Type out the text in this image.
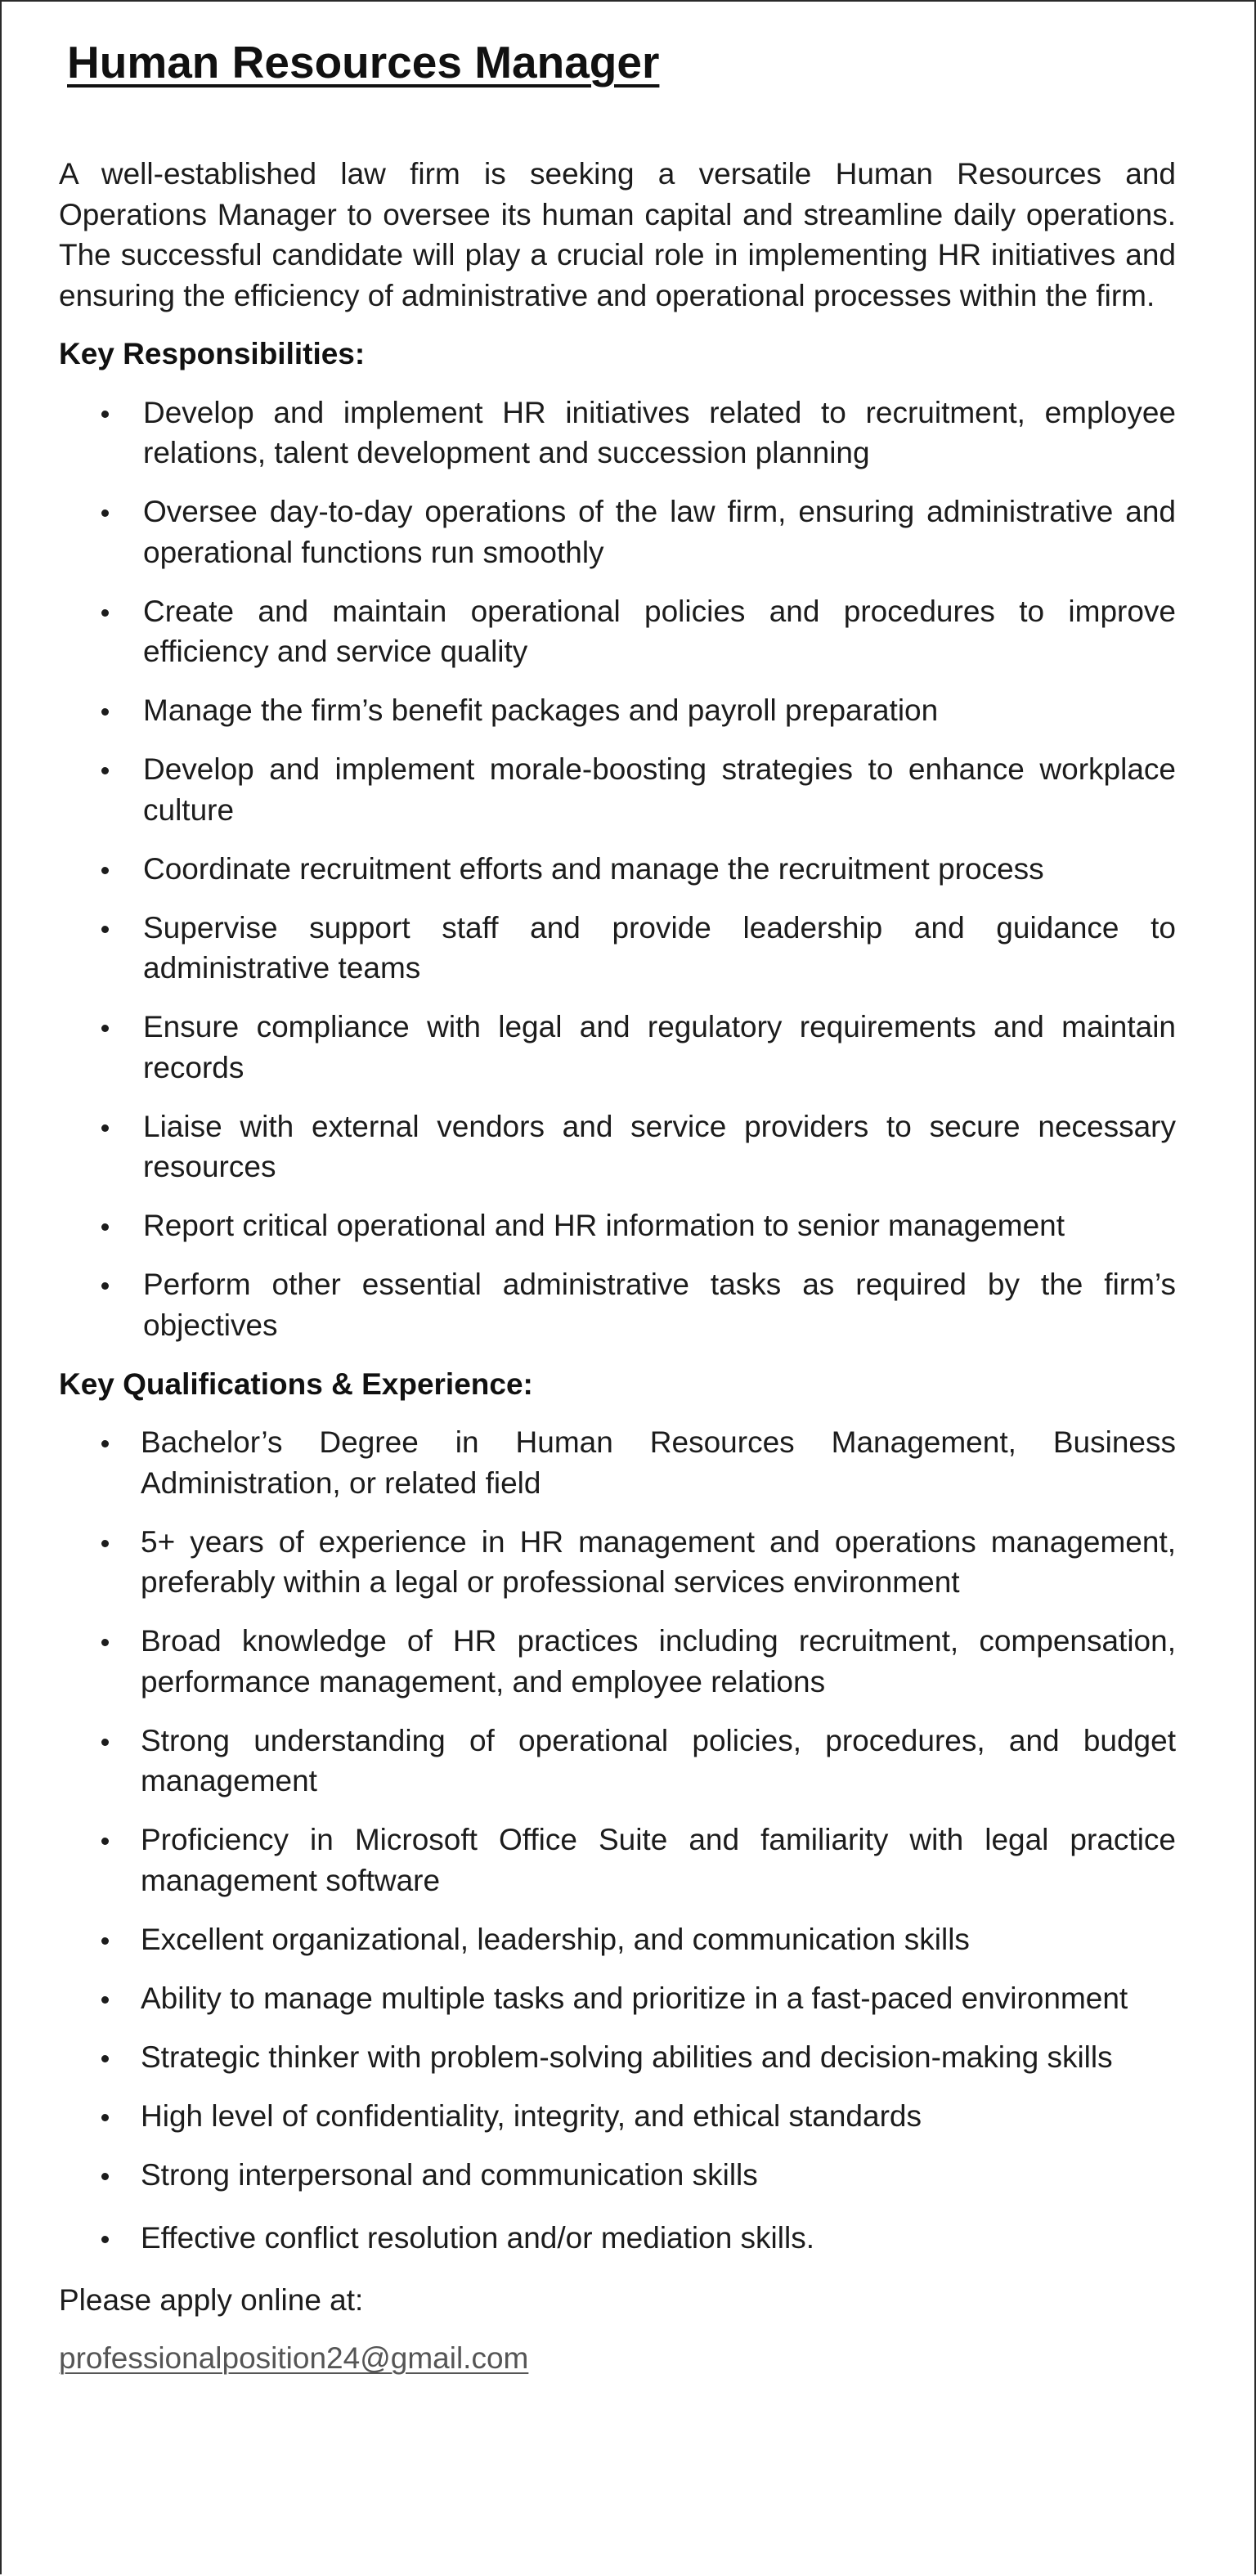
Human Resources Manager

A well-established law firm is seeking a versatile Human Resources and Operations Manager to oversee its human capital and streamline daily operations. The successful candidate will play a crucial role in implementing HR initiatives and ensuring the efficiency of administrative and operational processes within the firm.

Key Responsibilities:
Develop and implement HR initiatives related to recruitment, employee relations, talent development and succession planning
Oversee day-to-day operations of the law firm, ensuring administrative and operational functions run smoothly
Create and maintain operational policies and procedures to improve efficiency and service quality
Manage the firm’s benefit packages and payroll preparation
Develop and implement morale-boosting strategies to enhance workplace culture
Coordinate recruitment efforts and manage the recruitment process
Supervise support staff and provide leadership and guidance to administrative teams
Ensure compliance with legal and regulatory requirements and maintain records
Liaise with external vendors and service providers to secure necessary resources
Report critical operational and HR information to senior management
Perform other essential administrative tasks as required by the firm’s objectives
Key Qualifications & Experience:
Bachelor’s Degree in Human Resources Management, Business Administration, or related field
5+ years of experience in HR management and operations management, preferably within a legal or professional services environment
Broad knowledge of HR practices including recruitment, compensation, performance management, and employee relations
Strong understanding of operational policies, procedures, and budget management
Proficiency in Microsoft Office Suite and familiarity with legal practice management software
Excellent organizational, leadership, and communication skills
Ability to manage multiple tasks and prioritize in a fast-paced environment
Strategic thinker with problem-solving abilities and decision-making skills
High level of confidentiality, integrity, and ethical standards
Strong interpersonal and communication skills
Effective conflict resolution and/or mediation skills.
Please apply online at:
professionalposition24@gmail.com
